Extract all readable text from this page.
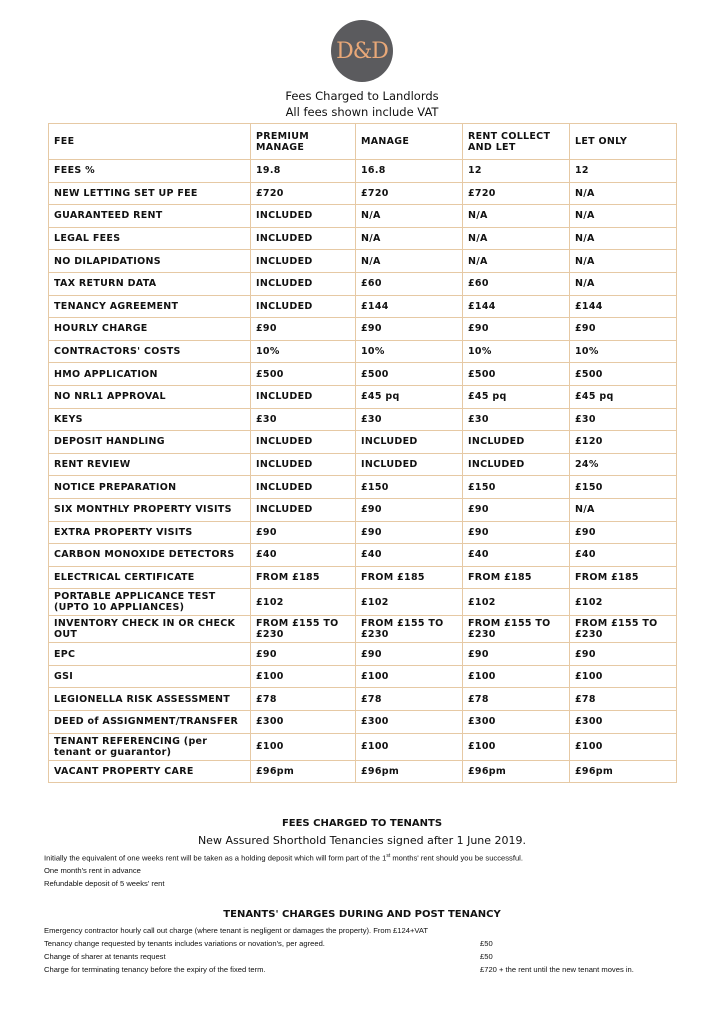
D&D
Fees Charged to Landlords
All fees shown include VAT
FEE	PREMIUM MANAGE	MANAGE	RENT COLLECT AND LET	LET ONLY
FEES %	19.8	16.8	12	12
NEW LETTING SET UP FEE	£720	£720	£720	N/A
GUARANTEED RENT	INCLUDED	N/A	N/A	N/A
LEGAL FEES	INCLUDED	N/A	N/A	N/A
NO DILAPIDATIONS	INCLUDED	N/A	N/A	N/A
TAX RETURN DATA	INCLUDED	£60	£60	N/A
TENANCY AGREEMENT	INCLUDED	£144	£144	£144
HOURLY CHARGE	£90	£90	£90	£90
CONTRACTORS' COSTS	10%	10%	10%	10%
HMO APPLICATION	£500	£500	£500	£500
NO NRL1 APPROVAL	INCLUDED	£45 pq	£45 pq	£45 pq
KEYS	£30	£30	£30	£30
DEPOSIT HANDLING	INCLUDED	INCLUDED	INCLUDED	£120
RENT REVIEW	INCLUDED	INCLUDED	INCLUDED	24%
NOTICE PREPARATION	INCLUDED	£150	£150	£150
SIX MONTHLY PROPERTY VISITS	INCLUDED	£90	£90	N/A
EXTRA PROPERTY VISITS	£90	£90	£90	£90
CARBON MONOXIDE DETECTORS	£40	£40	£40	£40
ELECTRICAL CERTIFICATE	FROM £185	FROM £185	FROM £185	FROM £185
PORTABLE APPLICANCE TEST (UPTO 10 APPLIANCES)	£102	£102	£102	£102
INVENTORY CHECK IN OR CHECK OUT	FROM £155 TO £230	FROM £155 TO £230	FROM £155 TO £230	FROM £155 TO £230
EPC	£90	£90	£90	£90
GSI	£100	£100	£100	£100
LEGIONELLA RISK ASSESSMENT	£78	£78	£78	£78
DEED of ASSIGNMENT/TRANSFER	£300	£300	£300	£300
TENANT REFERENCING (per tenant or guarantor)	£100	£100	£100	£100
VACANT PROPERTY CARE	£96pm	£96pm	£96pm	£96pm
FEES CHARGED TO TENANTS
New Assured Shorthold Tenancies signed after 1 June 2019.
Initially the equivalent of one weeks rent will be taken as a holding deposit which will form part of the 1st months' rent should you be successful.
One month's rent in advance
Refundable deposit of 5 weeks' rent
TENANTS' CHARGES DURING AND POST TENANCY
Emergency contractor hourly call out charge (where tenant is negligent or damages the property). From £124+VAT
Tenancy change requested by tenants includes variations or novation's, per agreed.	£50
Change of sharer at tenants request	£50
Charge for terminating tenancy before the expiry of the fixed term.	£720 + the rent until the new tenant moves in.
